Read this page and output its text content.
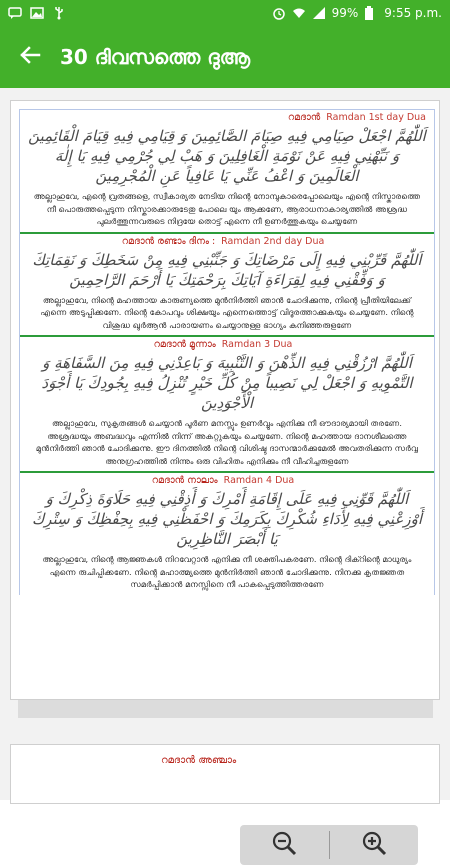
99% 9:55 p.m.
30 ദിവസത്തെ ദുആ
റമദാൻ Ramdan 1st day Dua
اَللّٰهُمَّ اجْعَلْ صِيَامِي فِيهِ صِيَامَ الصَّائِمِينَ وَ قِيَامِي فِيهِ قِيَامَ الْقَائِمِينَ وَ نَبِّهْنِي فِيهِ عَنْ نَوْمَةِ الْغَافِلِينَ وَ هَبْ لِي جُرْمِي فِيهِ يَا إِلٰهَ الْعَالَمِينَ وَ اعْفُ عَنِّي يَا عَافِياً عَنِ الْمُجْرِمِينَ
അല്ലാഹുവേ, എന്റെ വ്രതങ്ങളെ, സ്വീകാര്യത നേടിയ നിന്റെ നോമ്പുകാരെപ്പോലെയും എന്റെ നിസ്കാരത്തെ നീ പൊരുത്തപ്പെടുന്ന നിസ്കാരക്കാരുടേതു പോലെ യും ആക്കണേ, ആരാധനാകാര്യത്തിൽ അശ്രദ്ധ പുലർത്തുന്നവരുടെ നിദ്രയേ തൊട്ട് എന്നെ നീ ഉണർത്തുകയും ചെയ്യണേ
റമദാൻ രണ്ടാം ദിനം : Ramdan 2nd day Dua
اَللّٰهُمَّ قَرِّبْنِي فِيهِ إِلَى مَرْضَاتِكَ وَ جَنِّبْنِي فِيهِ مِنْ سَخَطِكَ وَ نَقِمَاتِكَ وَ وَفِّقْنِي فِيهِ لِقِرَاءَةِ آيَاتِكَ بِرَحْمَتِكَ يَا أَرْحَمَ الرَّاحِمِينَ
അല്ലാഹുവേ, നിന്റെ മഹത്തായ കാരുണ്യത്തെ മുൻനിർത്തി ഞാൻ ചോദിക്കുന്നു, നിന്റെ പ്രീതിയിലേക്ക് എന്നെ അടുപ്പിക്കണേ. നിന്റെ കോപവും ശിക്ഷയും എന്നെത്തൊട്ട് വിദൂരത്താക്കുകയും ചെയ്യണേ. നിന്റെ വിശുദ്ധ ഖുർആൻ പാരായണം ചെയ്യാനുള്ള ഭാഗ്യം കനിഞ്ഞരുളണേ
റമദാൻ മൂന്നാം Ramdan 3 Dua
اَللّٰهُمَّ ارْزُقْنِي فِيهِ الذِّهْنَ وَ التَّنْبِيهَ وَ بَاعِدْنِي فِيهِ مِنَ السَّفَاهَةِ وَ التَّمْوِيهِ وَ اجْعَلْ لِي نَصِيباً مِنْ كُلِّ خَيْرٍ تُنْزِلُ فِيهِ بِجُودِكَ يَا أَجْوَدَ الْأَجْوَدِينَ
അല്ലാഹുവേ, സുകൃതങ്ങൾ ചെയ്യാൻ പൂർണ മനസ്സും ഉണർവ്വും എനിക്കു നീ ഔദാര്യമായി തരണേ. അശ്രദ്ധയും അബദ്ധവും എന്നിൽ നിന്ന് അകറ്റുകയും ചെയ്യണേ. നിന്റെ മഹത്തായ ദാനശീലത്തെ മുൻനിർത്തി ഞാൻ ചോദിക്കുന്നു. ഈ ദിനത്തിൽ നിന്റെ വിശിഷ്ട ദാസന്മാർക്കുമേൽ അവതരിക്കുന്ന സർവ്വ അനുഗ്രഹത്തിൽ നിന്നും ഒരു വിഹിതം എനിക്കും നീ വീഹിച്ചരുളണേ
റമദാൻ നാലാം Ramdan 4 Dua
اَللّٰهُمَّ قَوِّنِي فِيهِ عَلَى إِقَامَةِ أَمْرِكَ وَ أَذِقْنِي فِيهِ حَلَاوَةَ ذِكْرِكَ وَ أَوْزِعْنِي فِيهِ لِأَدَاءِ شُكْرِكَ بِكَرَمِكَ وَ احْفَظْنِي فِيهِ بِحِفْظِكَ وَ سِتْرِكَ يَا أَبْصَرَ النَّاظِرِينَ
അല്ലാഹുവേ, നിന്റെ ആജ്ഞകൾ നിറവേറ്റാൻ എനിക്കു നീ ശക്തിപകരണേ. നിന്റെ ദിക്റിന്റെ മാധുര്യം എന്നെ രുചിപ്പിക്കണേ. നിന്റെ മഹാത്മ്യത്തെ മുൻനിർത്തി ഞാൻ ചോദിക്കുന്നു. നിനക്കു കൃതജ്ഞത സമർപ്പിക്കാൻ മനസ്സിനെ നീ പാകപ്പെടുത്തിത്തരണേ
റമദാൻ അഞ്ചാം
